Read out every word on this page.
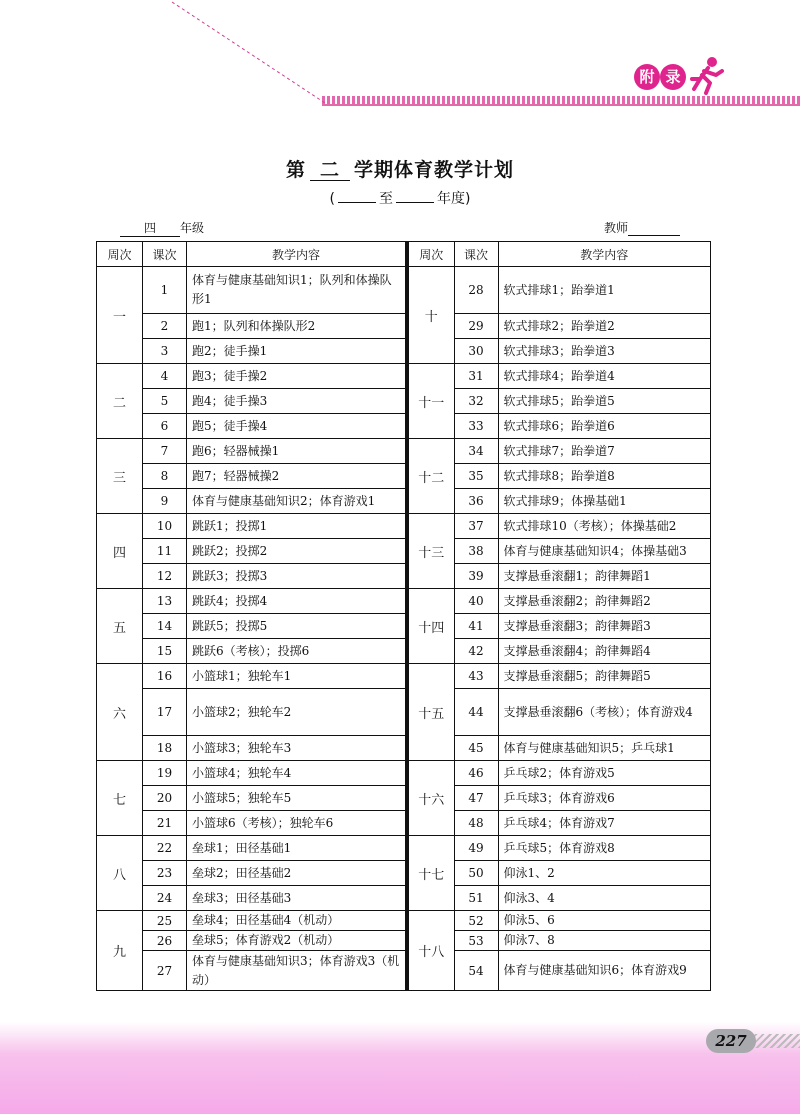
附 录
第 二 学期体育教学计划
(	至	年度)
四 年级	教师
周次	课次	教学内容
一	1	体育与健康基础知识1；队列和体操队形1
	2	跑1；队列和体操队形2
	3	跑2；徒手操1
二	4	跑3；徒手操2
	5	跑4；徒手操3
	6	跑5；徒手操4
三	7	跑6；轻器械操1
	8	跑7；轻器械操2
	9	体育与健康基础知识2；体育游戏1
四	10	跳跃1；投掷1
	11	跳跃2；投掷2
	12	跳跃3；投掷3
五	13	跳跃4；投掷4
	14	跳跃5；投掷5
	15	跳跃6（考核）；投掷6
六	16	小篮球1；独轮车1
	17	小篮球2；独轮车2
	18	小篮球3；独轮车3
七	19	小篮球4；独轮车4
	20	小篮球5；独轮车5
	21	小篮球6（考核）；独轮车6
八	22	垒球1；田径基础1
	23	垒球2；田径基础2
	24	垒球3；田径基础3
九	25	垒球4；田径基础4（机动）
	26	垒球5；体育游戏2（机动）
	27	体育与健康基础知识3；体育游戏3（机动）
周次	课次	教学内容
十	28	软式排球1；跆拳道1
	29	软式排球2；跆拳道2
	30	软式排球3；跆拳道3
十一	31	软式排球4；跆拳道4
	32	软式排球5；跆拳道5
	33	软式排球6；跆拳道6
十二	34	软式排球7；跆拳道7
	35	软式排球8；跆拳道8
	36	软式排球9；体操基础1
十三	37	软式排球10（考核）；体操基础2
	38	体育与健康基础知识4；体操基础3
	39	支撑悬垂滚翻1；韵律舞蹈1
十四	40	支撑悬垂滚翻2；韵律舞蹈2
	41	支撑悬垂滚翻3；韵律舞蹈3
	42	支撑悬垂滚翻4；韵律舞蹈4
十五	43	支撑悬垂滚翻5；韵律舞蹈5
	44	支撑悬垂滚翻6（考核）；体育游戏4
	45	体育与健康基础知识5；乒乓球1
十六	46	乒乓球2；体育游戏5
	47	乒乓球3；体育游戏6
	48	乒乓球4；体育游戏7
十七	49	乒乓球5；体育游戏8
	50	仰泳1、2
	51	仰泳3、4
十八	52	仰泳5、6
	53	仰泳7、8
	54	体育与健康基础知识6；体育游戏9
227
